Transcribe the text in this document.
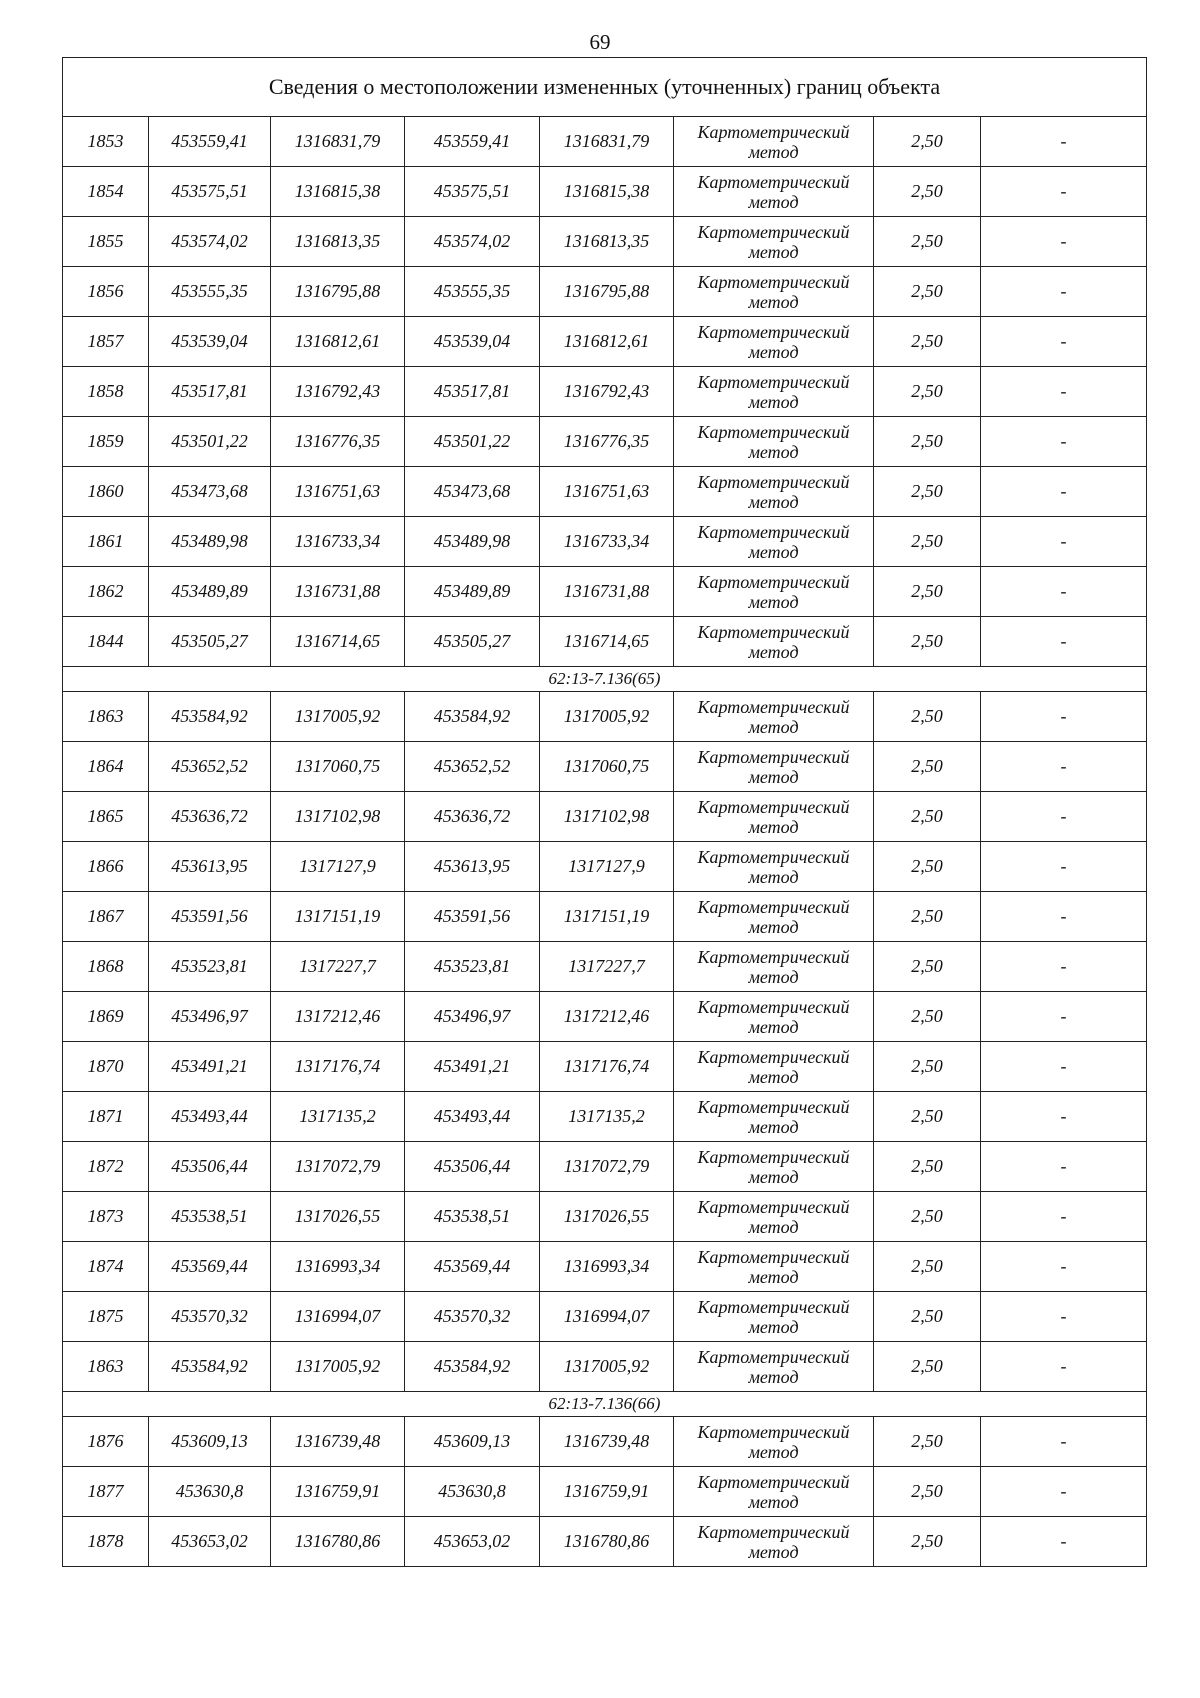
69
Сведения о местоположении измененных (уточненных) границ объекта							
1853	453559,41	1316831,79	453559,41	1316831,79	Картометрический метод	2,50	-
1854	453575,51	1316815,38	453575,51	1316815,38	Картометрический метод	2,50	-
1855	453574,02	1316813,35	453574,02	1316813,35	Картометрический метод	2,50	-
1856	453555,35	1316795,88	453555,35	1316795,88	Картометрический метод	2,50	-
1857	453539,04	1316812,61	453539,04	1316812,61	Картометрический метод	2,50	-
1858	453517,81	1316792,43	453517,81	1316792,43	Картометрический метод	2,50	-
1859	453501,22	1316776,35	453501,22	1316776,35	Картометрический метод	2,50	-
1860	453473,68	1316751,63	453473,68	1316751,63	Картометрический метод	2,50	-
1861	453489,98	1316733,34	453489,98	1316733,34	Картометрический метод	2,50	-
1862	453489,89	1316731,88	453489,89	1316731,88	Картометрический метод	2,50	-
1844	453505,27	1316714,65	453505,27	1316714,65	Картометрический метод	2,50	-
62:13-7.136(65)							
1863	453584,92	1317005,92	453584,92	1317005,92	Картометрический метод	2,50	-
1864	453652,52	1317060,75	453652,52	1317060,75	Картометрический метод	2,50	-
1865	453636,72	1317102,98	453636,72	1317102,98	Картометрический метод	2,50	-
1866	453613,95	1317127,9	453613,95	1317127,9	Картометрический метод	2,50	-
1867	453591,56	1317151,19	453591,56	1317151,19	Картометрический метод	2,50	-
1868	453523,81	1317227,7	453523,81	1317227,7	Картометрический метод	2,50	-
1869	453496,97	1317212,46	453496,97	1317212,46	Картометрический метод	2,50	-
1870	453491,21	1317176,74	453491,21	1317176,74	Картометрический метод	2,50	-
1871	453493,44	1317135,2	453493,44	1317135,2	Картометрический метод	2,50	-
1872	453506,44	1317072,79	453506,44	1317072,79	Картометрический метод	2,50	-
1873	453538,51	1317026,55	453538,51	1317026,55	Картометрический метод	2,50	-
1874	453569,44	1316993,34	453569,44	1316993,34	Картометрический метод	2,50	-
1875	453570,32	1316994,07	453570,32	1316994,07	Картометрический метод	2,50	-
1863	453584,92	1317005,92	453584,92	1317005,92	Картометрический метод	2,50	-
62:13-7.136(66)							
1876	453609,13	1316739,48	453609,13	1316739,48	Картометрический метод	2,50	-
1877	453630,8	1316759,91	453630,8	1316759,91	Картометрический метод	2,50	-
1878	453653,02	1316780,86	453653,02	1316780,86	Картометрический метод	2,50	-
